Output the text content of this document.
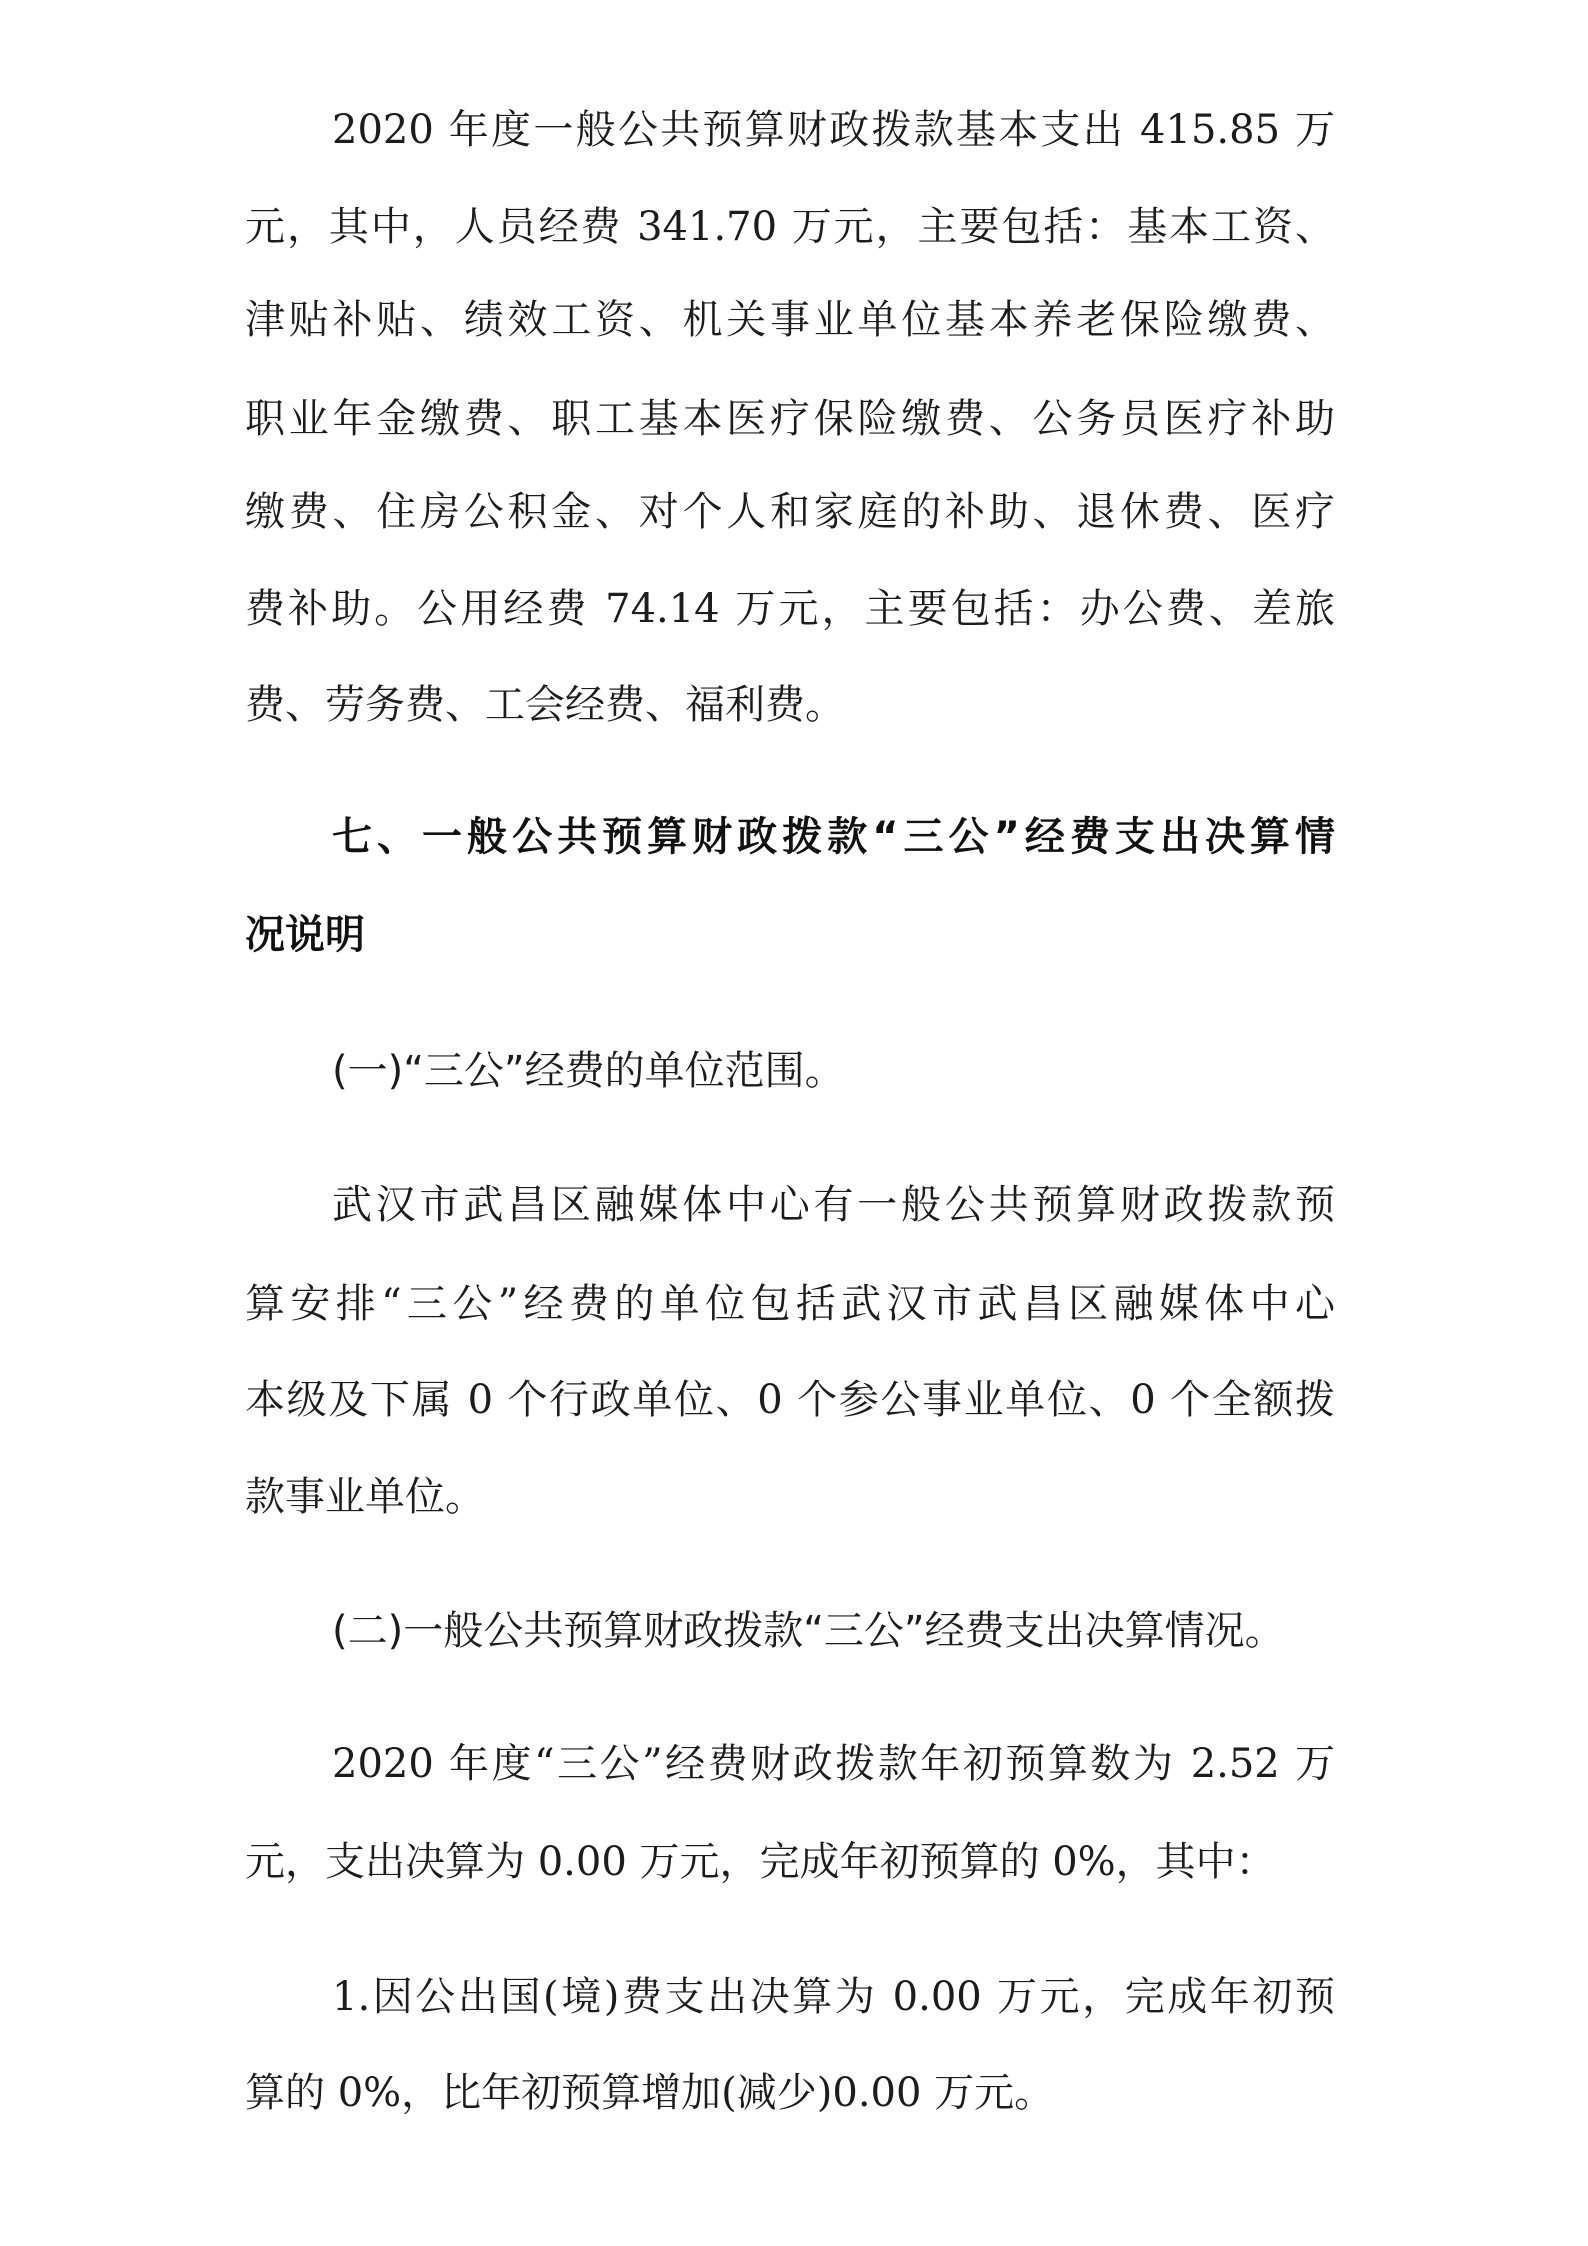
2020 年度一般公共预算财政拨款基本支出 415.85 万
元，其中，人员经费 341.70 万元，主要包括：基本工资、
津贴补贴、绩效工资、机关事业单位基本养老保险缴费、
职业年金缴费、职工基本医疗保险缴费、公务员医疗补助
缴费、住房公积金、对个人和家庭的补助、退休费、医疗
费补助。公用经费 74.14 万元，主要包括：办公费、差旅
费、劳务费、工会经费、福利费。
七、一般公共预算财政拨款“三公”经费支出决算情
况说明
(一)“三公”经费的单位范围。
武汉市武昌区融媒体中心有一般公共预算财政拨款预
算安排“三公”经费的单位包括武汉市武昌区融媒体中心
本级及下属 0 个行政单位、0 个参公事业单位、0 个全额拨
款事业单位。
(二)一般公共预算财政拨款“三公”经费支出决算情况。
2020 年度“三公”经费财政拨款年初预算数为 2.52 万
元，支出决算为 0.00 万元，完成年初预算的 0%，其中：
1.因公出国(境)费支出决算为 0.00 万元，完成年初预
算的 0%，比年初预算增加(减少)0.00 万元。
